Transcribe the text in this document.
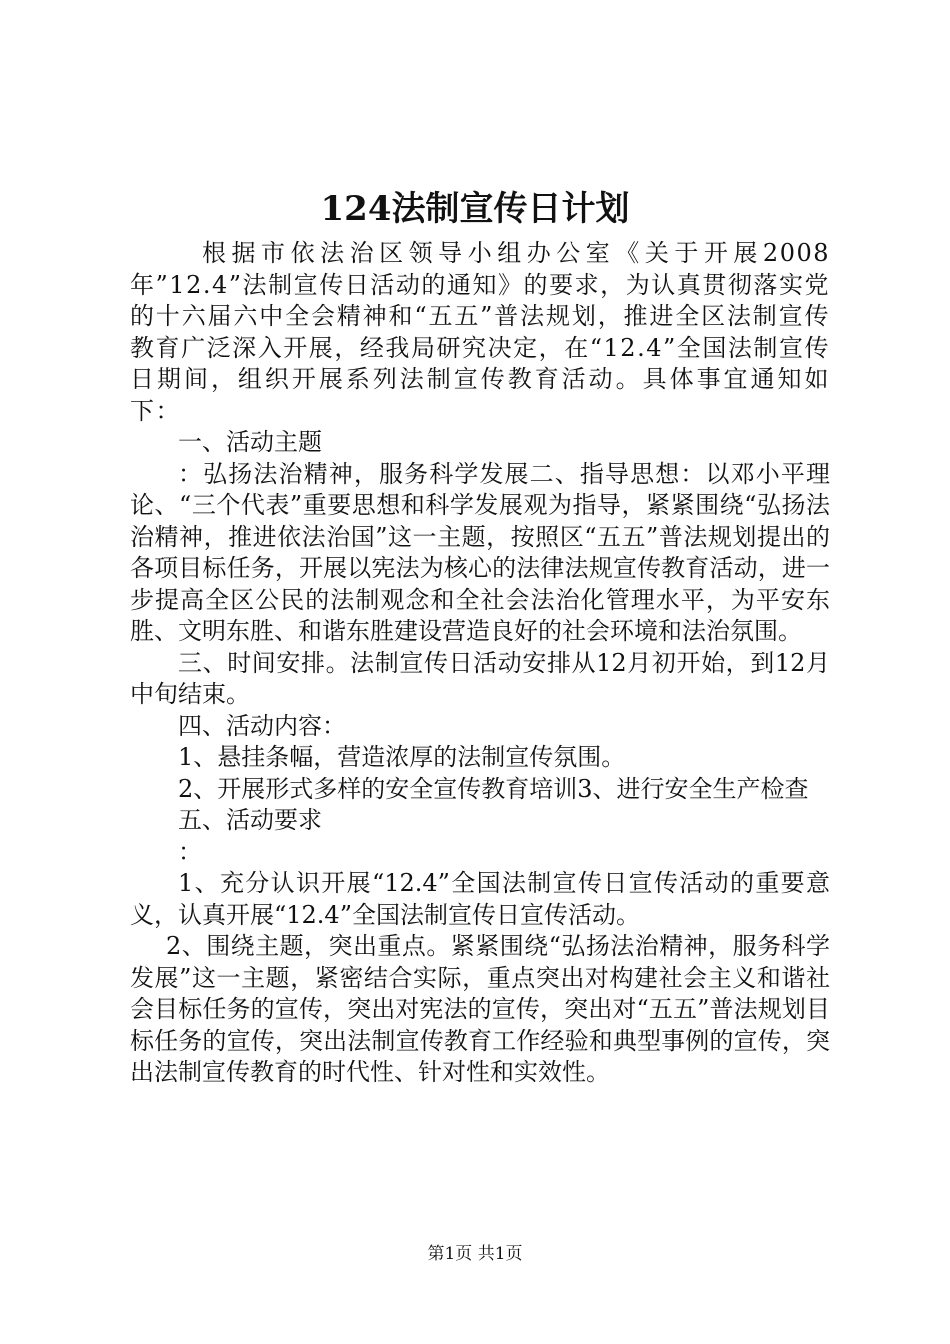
124法制宣传日计划

根据市依法治区领导小组办公室《关于开展2008年”12.4”法制宣传日活动的通知》的要求，为认真贯彻落实党的十六届六中全会精神和“五五”普法规划，推进全区法制宣传教育广泛深入开展，经我局研究决定，在“12.4”全国法制宣传日期间，组织开展系列法制宣传教育活动。具体事宜通知如下：

一、活动主题

：弘扬法治精神，服务科学发展二、指导思想：以邓小平理论、“三个代表”重要思想和科学发展观为指导，紧紧围绕“弘扬法治精神，推进依法治国”这一主题，按照区“五五”普法规划提出的各项目标任务，开展以宪法为核心的法律法规宣传教育活动，进一步提高全区公民的法制观念和全社会法治化管理水平，为平安东胜、文明东胜、和谐东胜建设营造良好的社会环境和法治氛围。

三、时间安排。法制宣传日活动安排从12月初开始，到12月中旬结束。

四、活动内容：

1、悬挂条幅，营造浓厚的法制宣传氛围。

2、开展形式多样的安全宣传教育培训3、进行安全生产检查

五、活动要求

：

1、充分认识开展“12.4”全国法制宣传日宣传活动的重要意义，认真开展“12.4”全国法制宣传日宣传活动。

2、围绕主题，突出重点。紧紧围绕“弘扬法治精神，服务科学发展”这一主题，紧密结合实际，重点突出对构建社会主义和谐社会目标任务的宣传，突出对宪法的宣传，突出对“五五”普法规划目标任务的宣传，突出法制宣传教育工作经验和典型事例的宣传，突出法制宣传教育的时代性、针对性和实效性。

第1页 共1页
